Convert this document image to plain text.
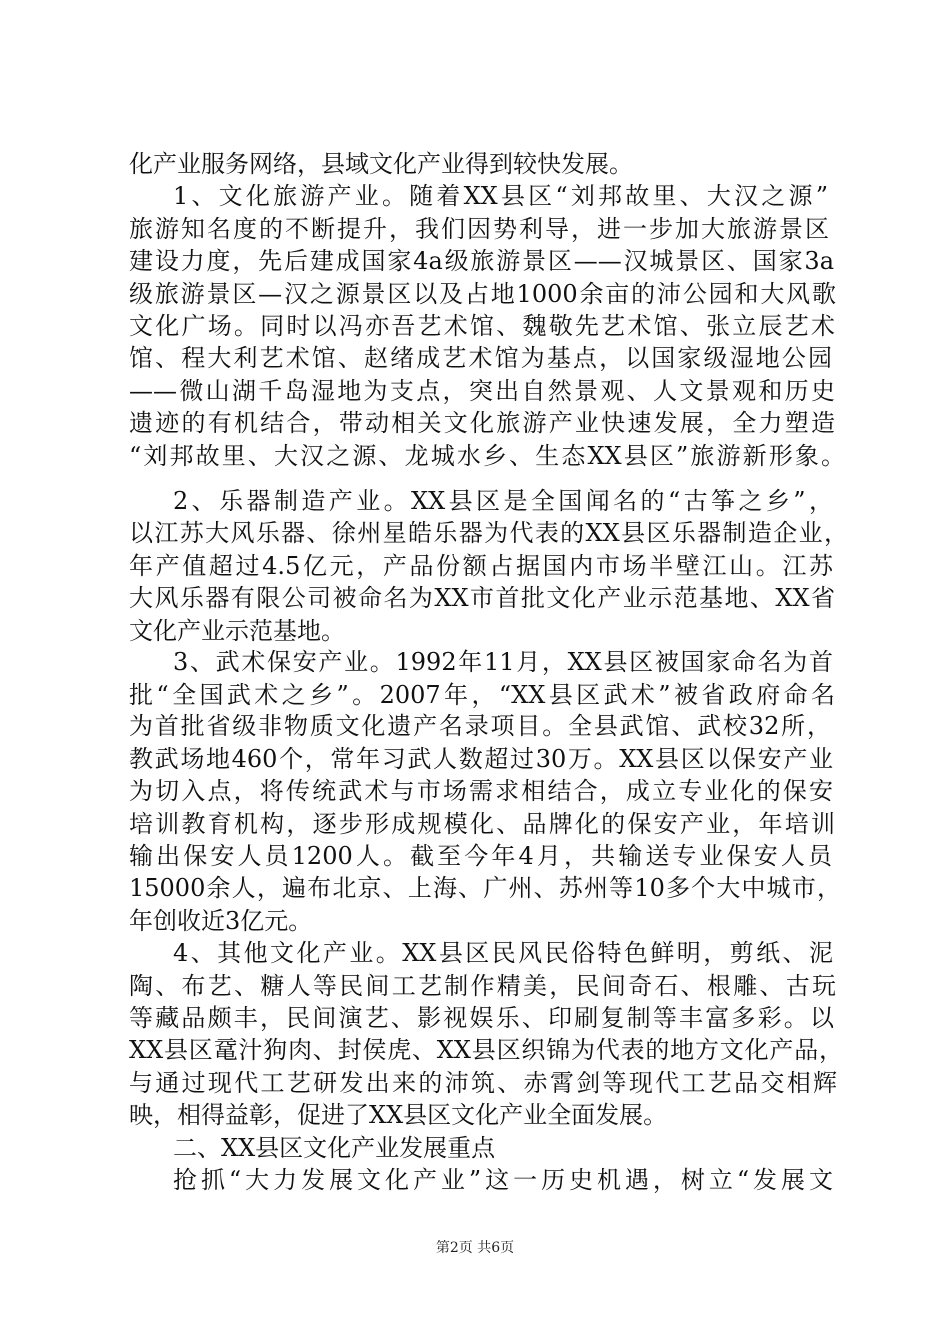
化产业服务网络，县域文化产业得到较快发展。
1、文化旅游产业。随着XX县区“刘邦故里、大汉之源”
旅游知名度的不断提升，我们因势利导，进一步加大旅游景区
建设力度，先后建成国家4a级旅游景区——汉城景区、国家3a
级旅游景区—汉之源景区以及占地1000余亩的沛公园和大风歌
文化广场。同时以冯亦吾艺术馆、魏敬先艺术馆、张立辰艺术
馆、程大利艺术馆、赵绪成艺术馆为基点，以国家级湿地公园
——微山湖千岛湿地为支点，突出自然景观、人文景观和历史
遗迹的有机结合，带动相关文化旅游产业快速发展，全力塑造
“刘邦故里、大汉之源、龙城水乡、生态XX县区”旅游新形象。
2、乐器制造产业。XX县区是全国闻名的“古筝之乡”，
以江苏大风乐器、徐州星皓乐器为代表的XX县区乐器制造企业，
年产值超过4.5亿元，产品份额占据国内市场半壁江山。江苏
大风乐器有限公司被命名为XX市首批文化产业示范基地、XX省
文化产业示范基地。
3、武术保安产业。1992年11月，XX县区被国家命名为首
批“全国武术之乡”。2007年，“XX县区武术”被省政府命名
为首批省级非物质文化遗产名录项目。全县武馆、武校32所，
教武场地460个，常年习武人数超过30万。XX县区以保安产业
为切入点，将传统武术与市场需求相结合，成立专业化的保安
培训教育机构，逐步形成规模化、品牌化的保安产业，年培训
输出保安人员1200人。截至今年4月，共输送专业保安人员
15000余人，遍布北京、上海、广州、苏州等10多个大中城市，
年创收近3亿元。
4、其他文化产业。XX县区民风民俗特色鲜明，剪纸、泥
陶、布艺、糖人等民间工艺制作精美，民间奇石、根雕、古玩
等藏品颇丰，民间演艺、影视娱乐、印刷复制等丰富多彩。以
XX县区鼋汁狗肉、封侯虎、XX县区织锦为代表的地方文化产品，
与通过现代工艺研发出来的沛筑、赤霄剑等现代工艺品交相辉
映，相得益彰，促进了XX县区文化产业全面发展。
二、XX县区文化产业发展重点
抢抓“大力发展文化产业”这一历史机遇，树立“发展文
第2页 共6页
